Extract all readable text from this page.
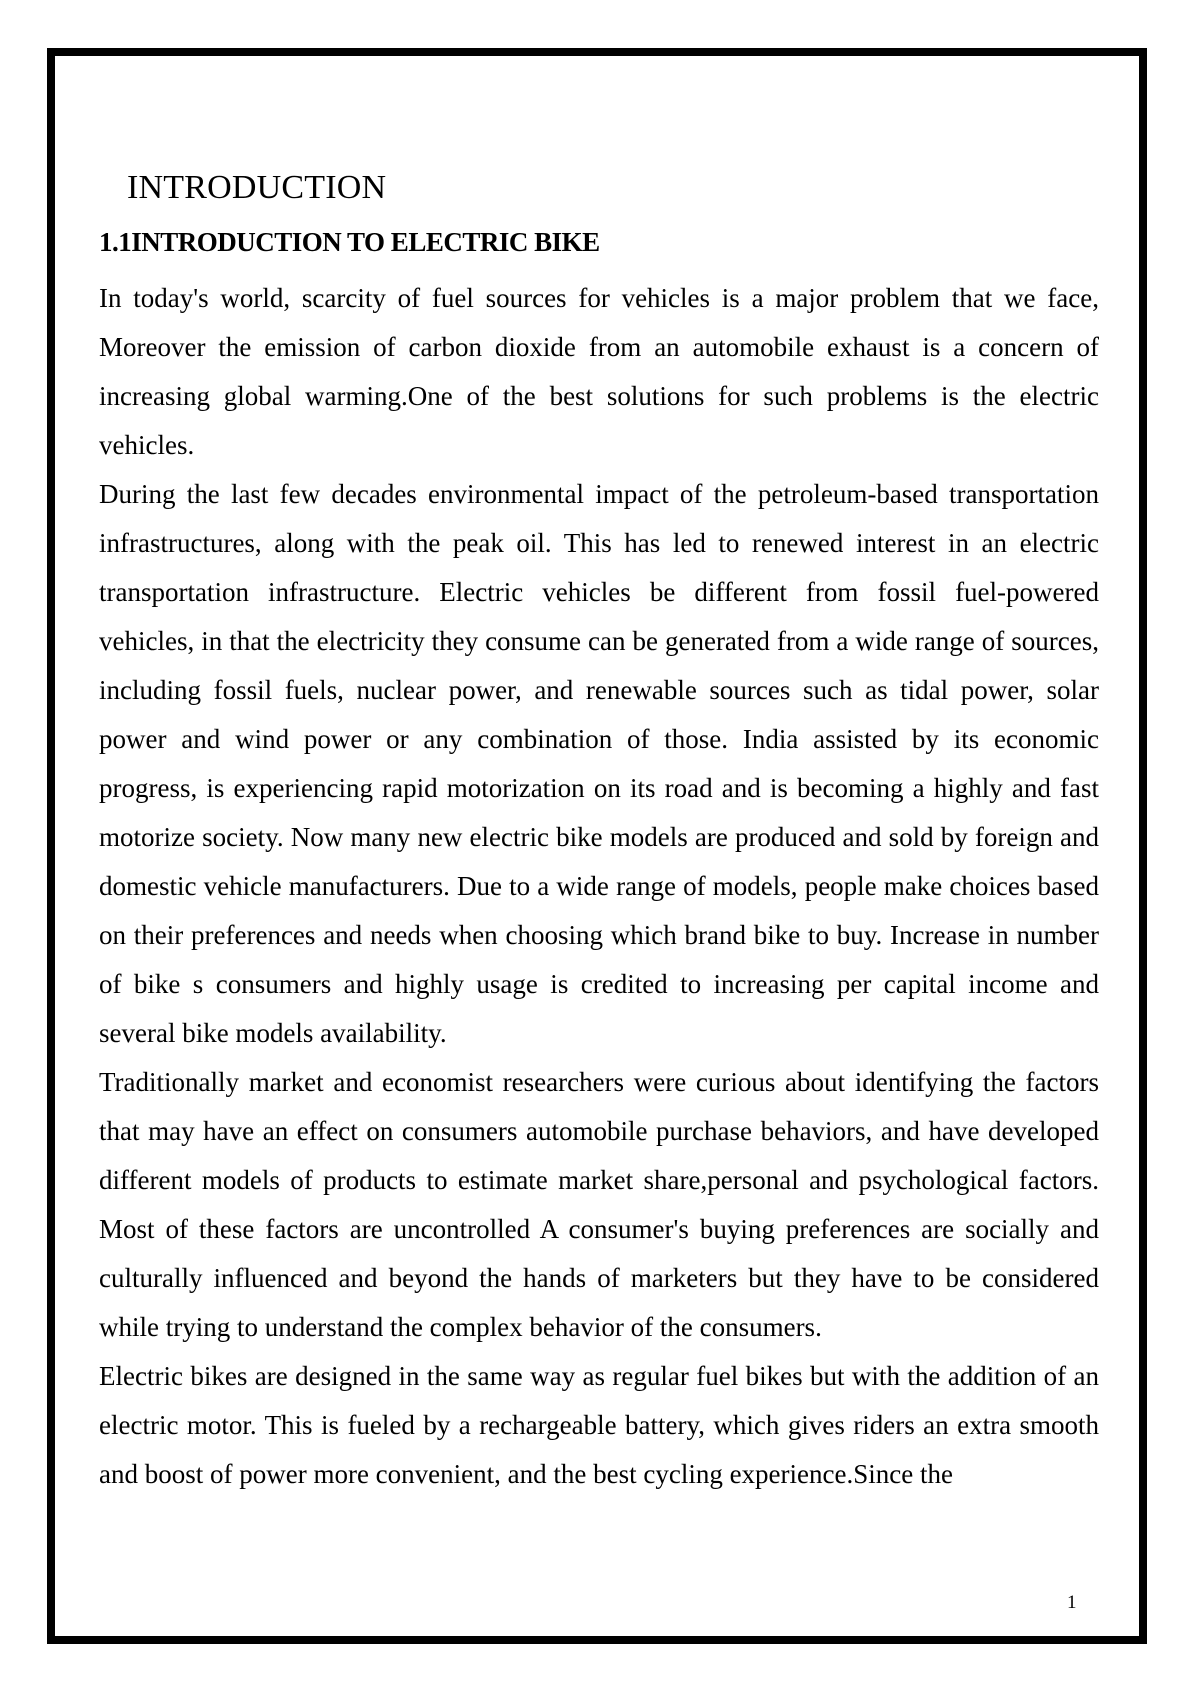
INTRODUCTION
1.1INTRODUCTION TO ELECTRIC BIKE

In today's world, scarcity of fuel sources for vehicles is a major problem that we face, Moreover the emission of carbon dioxide from an automobile exhaust is a concern of increasing global warming.One of the best solutions for such problems is the electric vehicles.

During the last few decades environmental impact of the petroleum-based transportation infrastructures, along with the peak oil. This has led to renewed interest in an electric transportation infrastructure. Electric vehicles be different from fossil fuel-powered vehicles, in that the electricity they consume can be generated from a wide range of sources, including fossil fuels, nuclear power, and renewable sources such as tidal power, solar power and wind power or any combination of those. India assisted by its economic progress, is experiencing rapid motorization on its road and is becoming a highly and fast motorize society. Now many new electric bike models are produced and sold by foreign and domestic vehicle manufacturers. Due to a wide range of models, people make choices based on their preferences and needs when choosing which brand bike to buy. Increase in number of bike s consumers and highly usage is credited to increasing per capital income and several bike models availability.

Traditionally market and economist researchers were curious about identifying the factors that may have an effect on consumers automobile purchase behaviors, and have developed different models of products to estimate market share,personal and psychological factors. Most of these factors are uncontrolled A consumer's buying preferences are socially and culturally influenced and beyond the hands of marketers but they have to be considered while trying to understand the complex behavior of the consumers.

Electric bikes are designed in the same way as regular fuel bikes but with the addition of an electric motor. This is fueled by a rechargeable battery, which gives riders an extra smooth and boost of power more convenient, and the best cycling experience.Since the

1
